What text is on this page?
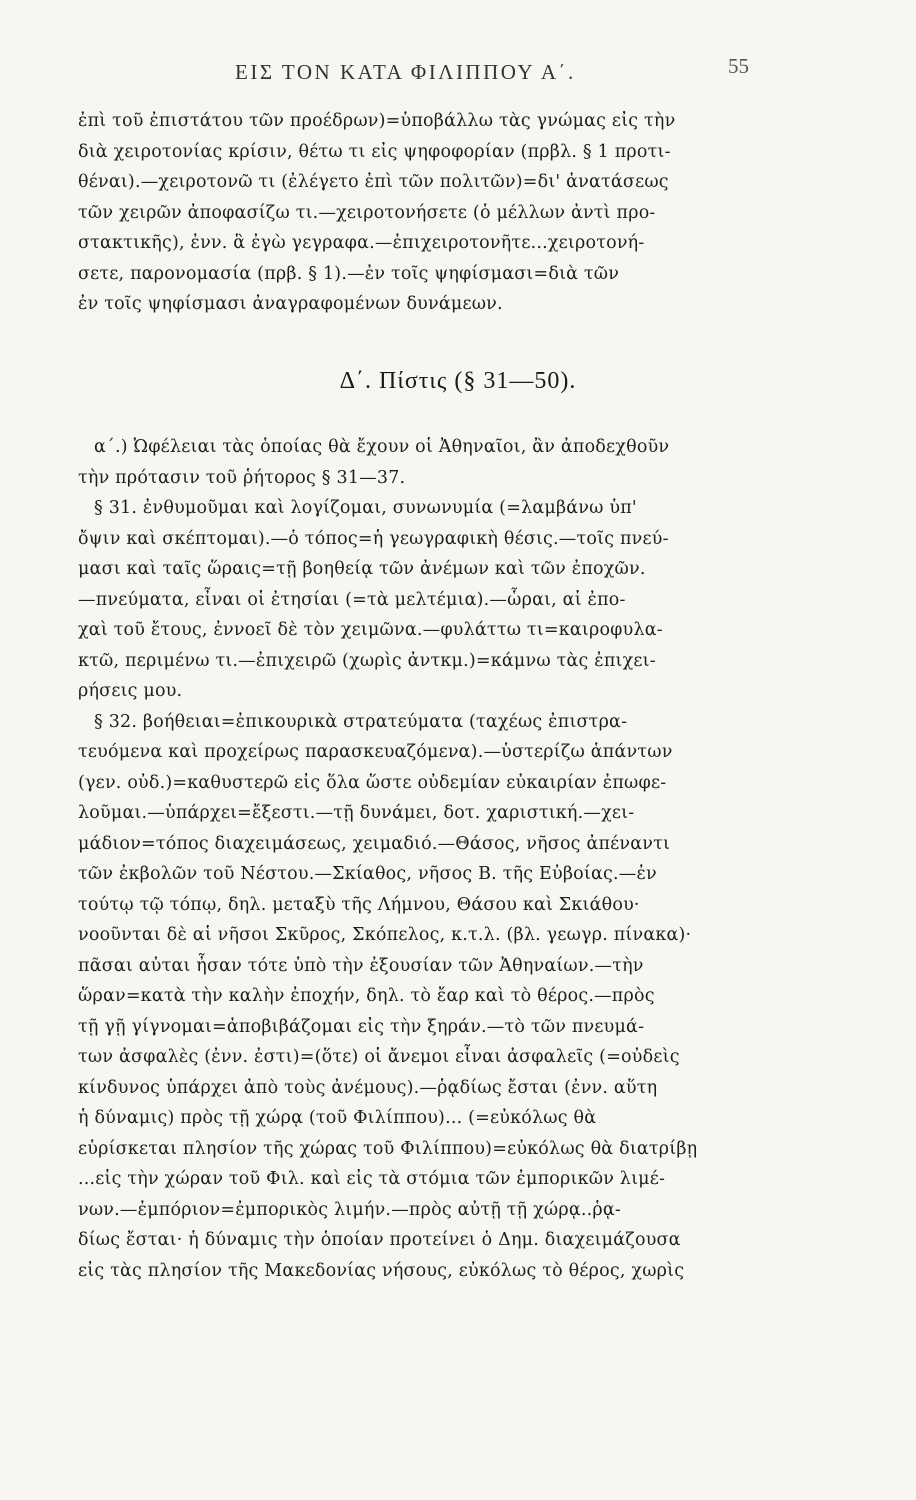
ΕΙΣ ΤΟΝ ΚΑΤΑ ΦΙΛΙΠΠΟΥ Α΄.	55
ἐπὶ τοῦ ἐπιστάτου τῶν προέδρων)=ὑποβάλλω τὰς γνώμας εἰς τὴν
διὰ χειροτονίας κρίσιν, θέτω τι εἰς ψηφοφορίαν (πρβλ. § 1 προτι-
θέναι).—χειροτονῶ τι (ἐλέγετο ἐπὶ τῶν πολιτῶν)=δι' ἀνατάσεως
τῶν χειρῶν ἀποφασίζω τι.—χειροτονήσετε (ὁ μέλλων ἀντὶ προ-
στακτικῆς), ἐνν. ἃ ἐγὼ γεγραφα.—ἐπιχειροτονῆτε...χειροτονή-
σετε, παρονομασία (πρβ. § 1).—ἐν τοῖς ψηφίσμασι=διὰ τῶν
ἐν τοῖς ψηφίσμασι ἀναγραφομένων δυνάμεων.
Δ΄. Πίστις (§ 31—50).
α΄.) Ὠφέλειαι τὰς ὁποίας θὰ ἔχουν οἱ Ἀθηναῖοι, ἂν ἀποδεχθοῦν
τὴν πρότασιν τοῦ ῥήτορος § 31—37.
§ 31. ἐνθυμοῦμαι καὶ λογίζομαι, συνωνυμία (=λαμβάνω ὑπ'
ὄψιν καὶ σκέπτομαι).—ὁ τόπος=ἡ γεωγραφικὴ θέσις.—τοῖς πνεύ-
μασι καὶ ταῖς ὥραις=τῇ βοηθείᾳ τῶν ἀνέμων καὶ τῶν ἐποχῶν.
—πνεύματα, εἶναι οἱ ἐτησίαι (=τὰ μελτέμια).—ὧραι, αἱ ἐπο-
χαὶ τοῦ ἔτους, ἐννοεῖ δὲ τὸν χειμῶνα.—φυλάττω τι=καιροφυλα-
κτῶ, περιμένω τι.—ἐπιχειρῶ (χωρὶς ἀντκμ.)=κάμνω τὰς ἐπιχει-
ρήσεις μου.
§ 32. βοήθειαι=ἐπικουρικὰ στρατεύματα (ταχέως ἐπιστρα-
τευόμενα καὶ προχείρως παρασκευαζόμενα).—ὑστερίζω ἁπάντων
(γεν. οὐδ.)=καθυστερῶ εἰς ὅλα ὥστε οὐδεμίαν εὐκαιρίαν ἐπωφε-
λοῦμαι.—ὑπάρχει=ἔξεστι.—τῇ δυνάμει, δοτ. χαριστική.—χει-
μάδιον=τόπος διαχειμάσεως, χειμαδιό.—Θάσος, νῆσος ἀπέναντι
τῶν ἐκβολῶν τοῦ Νέστου.—Σκίαθος, νῆσος Β. τῆς Εὐβοίας.—ἐν
τούτῳ τῷ τόπῳ, δηλ. μεταξὺ τῆς Λήμνου, Θάσου καὶ Σκιάθου·
νοοῦνται δὲ αἱ νῆσοι Σκῦρος, Σκόπελος, κ.τ.λ. (βλ. γεωγρ. πίνακα)·
πᾶσαι αὐται ἦσαν τότε ὑπὸ τὴν ἐξουσίαν τῶν Ἀθηναίων.—τὴν
ὥραν=κατὰ τὴν καλὴν ἐποχήν, δηλ. τὸ ἔαρ καὶ τὸ θέρος.—πρὸς
τῇ γῇ γίγνομαι=ἀποβιβάζομαι εἰς τὴν ξηράν.—τὸ τῶν πνευμά-
των ἀσφαλὲς (ἐνν. ἐστι)=(ὅτε) οἱ ἄνεμοι εἶναι ἀσφαλεῖς (=οὐδεὶς
κίνδυνος ὑπάρχει ἀπὸ τοὺς ἀνέμους).—ῥᾳδίως ἔσται (ἐνν. αὕτη
ἡ δύναμις) πρὸς τῇ χώρᾳ (τοῦ Φιλίππου)... (=εὐκόλως θὰ
εὑρίσκεται πλησίον τῆς χώρας τοῦ Φιλίππου)=εὐκόλως θὰ διατρίβῃ
...εἰς τὴν χώραν τοῦ Φιλ. καὶ εἰς τὰ στόμια τῶν ἐμπορικῶν λιμέ-
νων.—ἐμπόριον=ἐμπορικὸς λιμήν.—πρὸς αὐτῇ τῇ χώρᾳ..ῥᾳ-
δίως ἔσται· ἡ δύναμις τὴν ὁποίαν προτείνει ὁ Δημ. διαχειμάζουσα
εἰς τὰς πλησίον τῆς Μακεδονίας νήσους, εὐκόλως τὸ θέρος, χωρὶς
